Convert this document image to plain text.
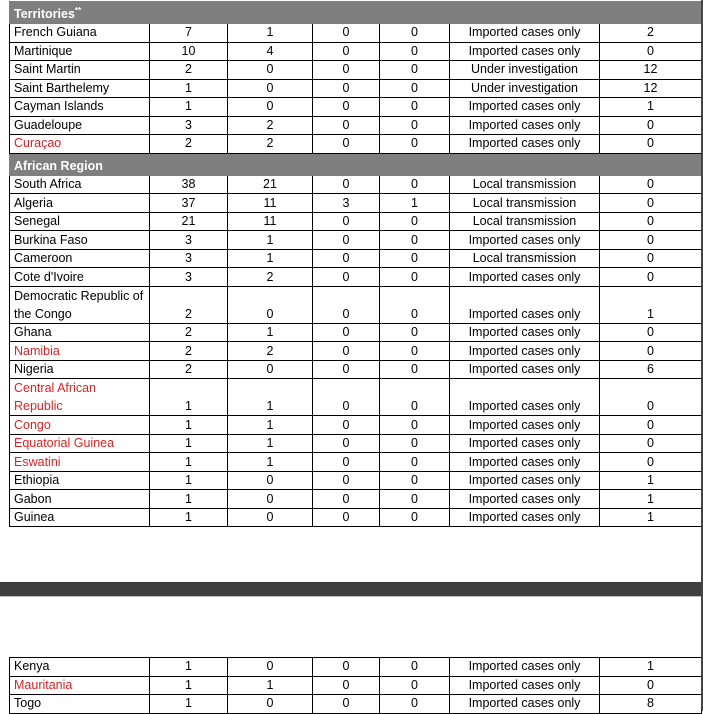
Territories**
French Guiana	7	1	0	0	Imported cases only	2
Martinique	10	4	0	0	Imported cases only	0
Saint Martin	2	0	0	0	Under investigation	12
Saint Barthelemy	1	0	0	0	Under investigation	12
Cayman Islands	1	0	0	0	Imported cases only	1
Guadeloupe	3	2	0	0	Imported cases only	0
Curaçao	2	2	0	0	Imported cases only	0
African Region						
South Africa	38	21	0	0	Local transmission	0
Algeria	37	11	3	1	Local transmission	0
Senegal	21	11	0	0	Local transmission	0
Burkina Faso	3	1	0	0	Imported cases only	0
Cameroon	3	1	0	0	Local transmission	0
Cote d'Ivoire	3	2	0	0	Imported cases only	0
Democratic Republic of the Congo	2	0	0	0	Imported cases only	1
Ghana	2	1	0	0	Imported cases only	0
Namibia	2	2	0	0	Imported cases only	0
Nigeria	2	0	0	0	Imported cases only	6
Central African Republic	1	1	0	0	Imported cases only	0
Congo	1	1	0	0	Imported cases only	0
Equatorial Guinea	1	1	0	0	Imported cases only	0
Eswatini	1	1	0	0	Imported cases only	0
Ethiopia	1	0	0	0	Imported cases only	1
Gabon	1	0	0	0	Imported cases only	1
Guinea	1	0	0	0	Imported cases only	1
Kenya	1	0	0	0	Imported cases only	1
Mauritania	1	1	0	0	Imported cases only	0
Togo	1	0	0	0	Imported cases only	8
